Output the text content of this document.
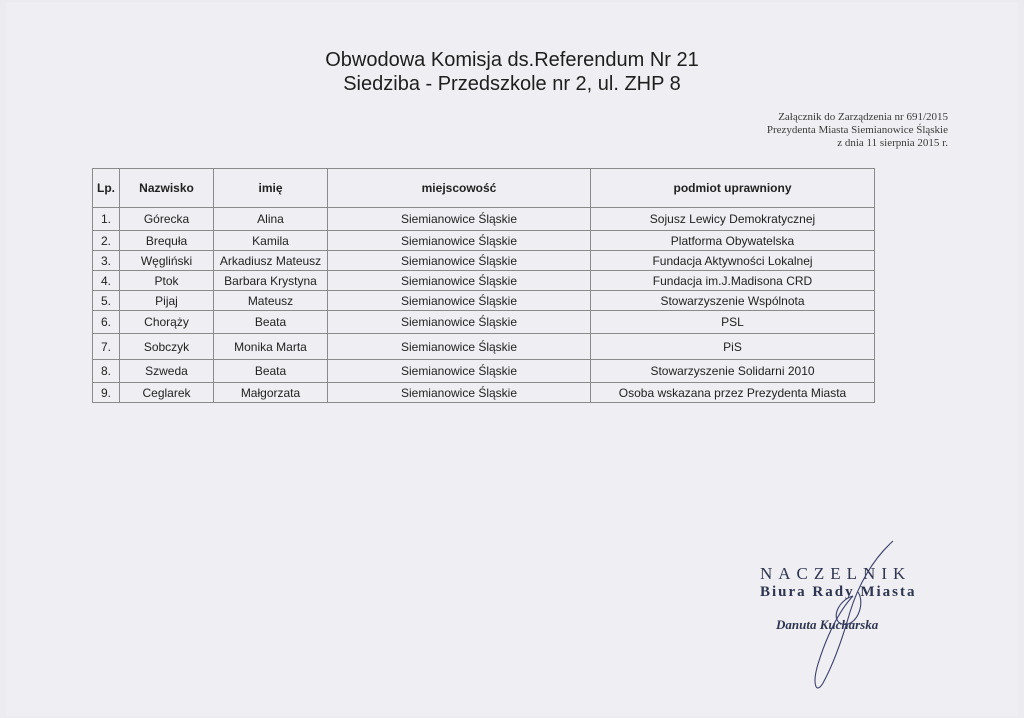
Obwodowa Komisja ds.Referendum Nr 21
Siedziba - Przedszkole nr 2, ul. ZHP 8
Załącznik do Zarządzenia nr 691/2015
Prezydenta Miasta Siemianowice Śląskie
z dnia 11 sierpnia 2015 r.
Lp.	Nazwisko	imię	miejscowość	podmiot uprawniony
1.	Górecka	Alina	Siemianowice Śląskie	Sojusz Lewicy Demokratycznej
2.	Brequła	Kamila	Siemianowice Śląskie	Platforma Obywatelska
3.	Węgliński	Arkadiusz Mateusz	Siemianowice Śląskie	Fundacja Aktywności Lokalnej
4.	Ptok	Barbara Krystyna	Siemianowice Śląskie	Fundacja im.J.Madisona CRD
5.	Pijaj	Mateusz	Siemianowice Śląskie	Stowarzyszenie Wspólnota
6.	Chorąży	Beata	Siemianowice Śląskie	PSL
7.	Sobczyk	Monika Marta	Siemianowice Śląskie	PiS
8.	Szweda	Beata	Siemianowice Śląskie	Stowarzyszenie Solidarni 2010
9.	Ceglarek	Małgorzata	Siemianowice Śląskie	Osoba wskazana przez Prezydenta Miasta
NACZELNIK
Biura Rady Miasta
Danuta Kucharska
